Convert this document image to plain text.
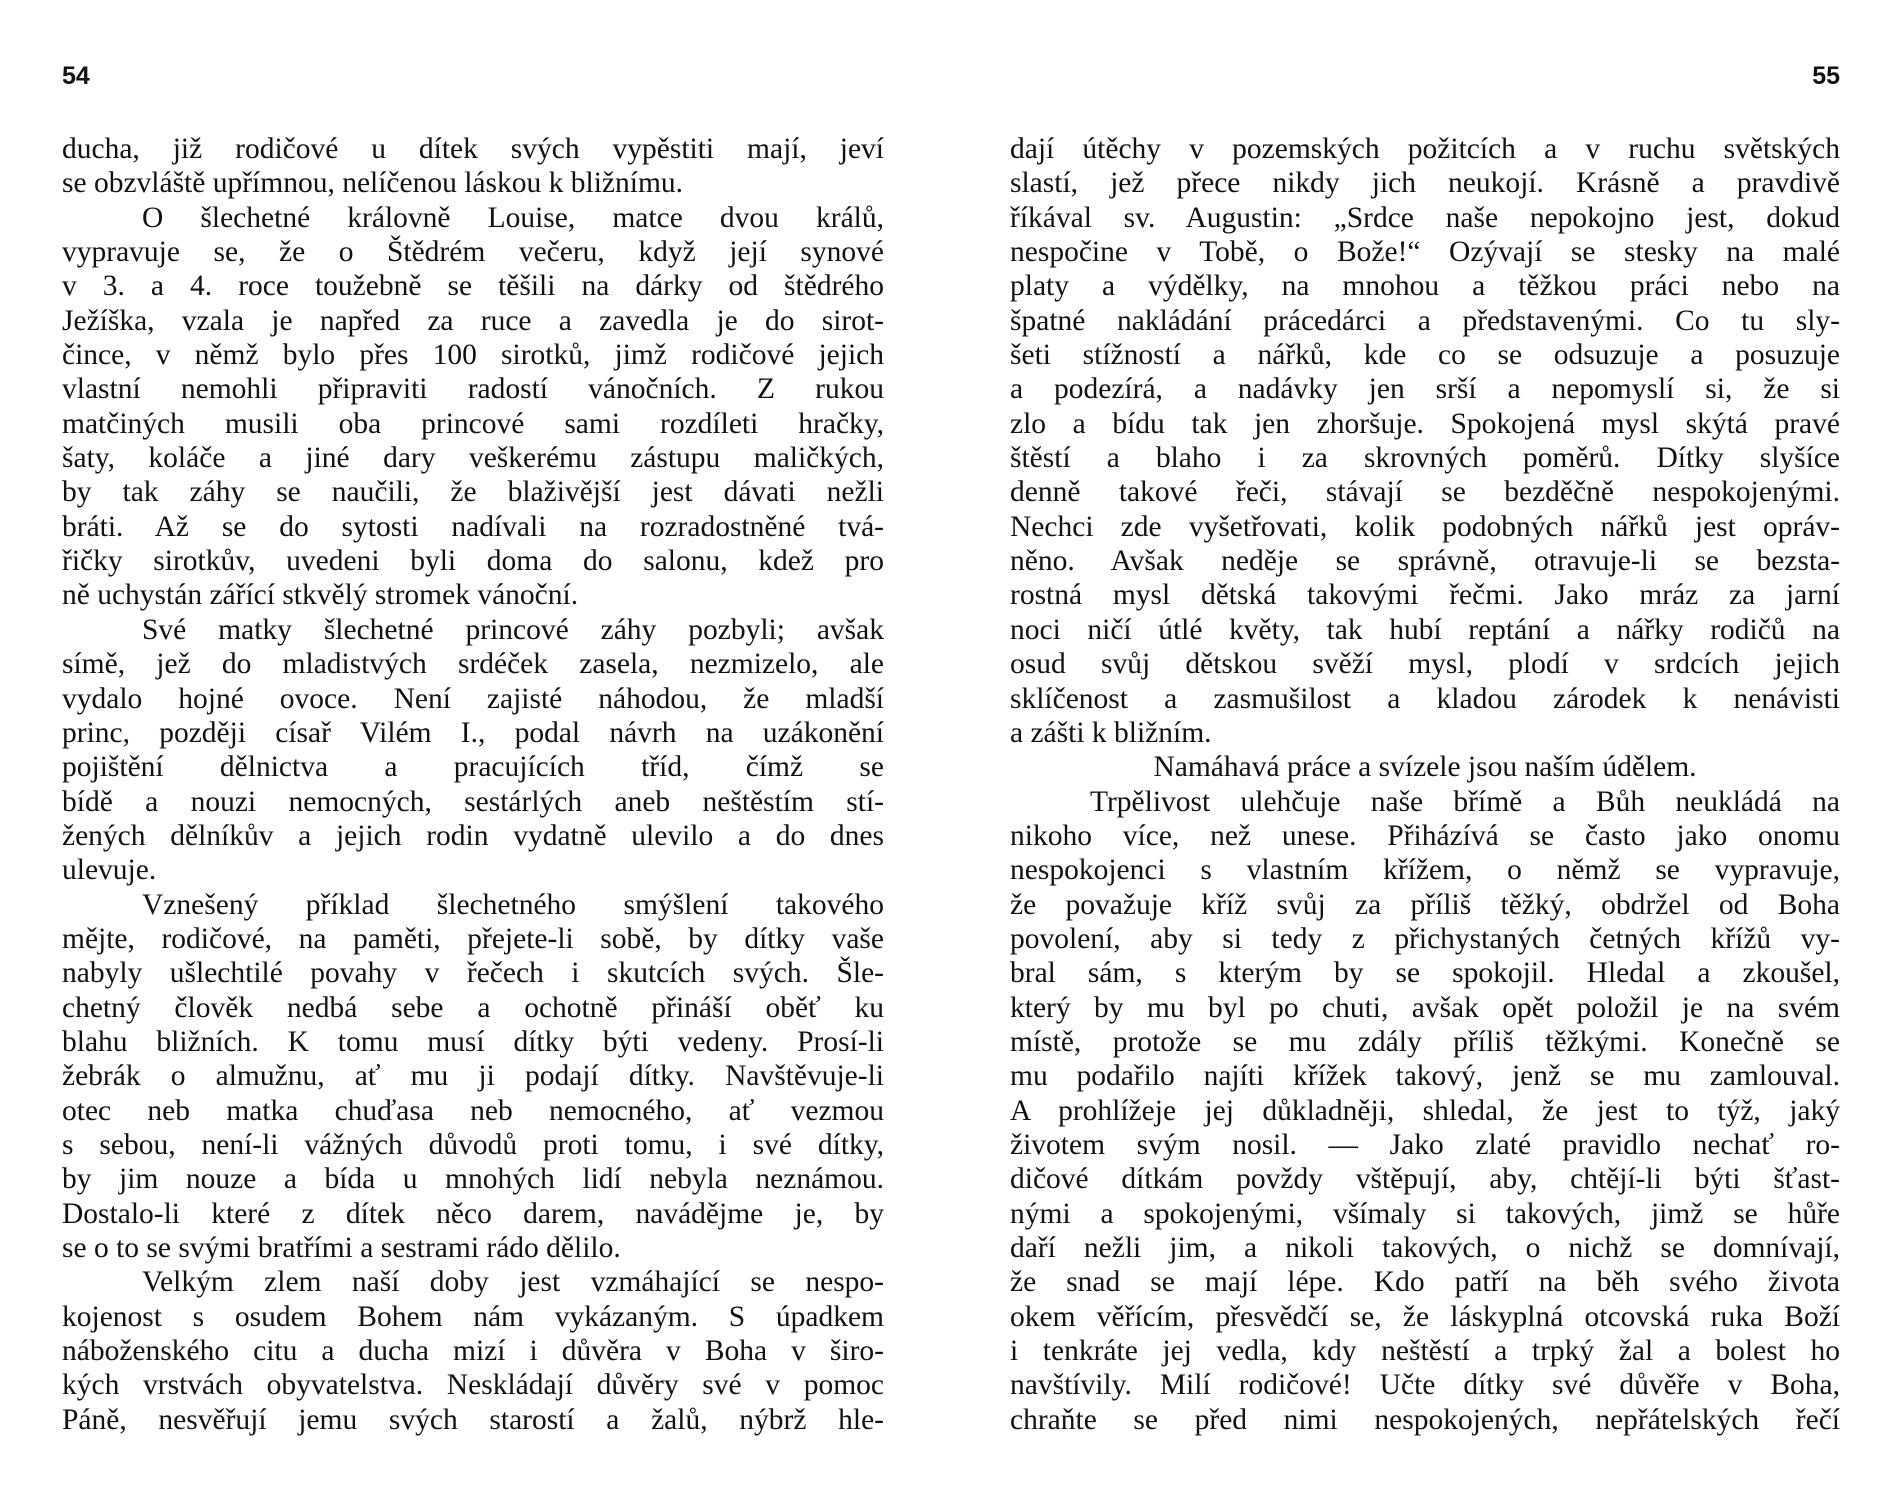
54
ducha, již rodičové u dítek svých vypěstiti mají, jeví
se obzvláště upřímnou, nelíčenou láskou k bližnímu.
O šlechetné královně Louise, matce dvou králů,
vypravuje se, že o Štědrém večeru, když její synové
v 3. a 4. roce toužebně se těšili na dárky od štědrého
Ježíška, vzala je napřed za ruce a zavedla je do sirot-
čince, v němž bylo přes 100 sirotků, jimž rodičové jejich
vlastní nemohli připraviti radostí vánočních. Z rukou
matčiných musili oba princové sami rozdíleti hračky,
šaty, koláče a jiné dary veškerému zástupu maličkých,
by tak záhy se naučili, že blaživější jest dávati nežli
bráti. Až se do sytosti nadívali na rozradostněné tvá-
řičky sirotkův, uvedeni byli doma do salonu, kdež pro
ně uchystán zářící stkvělý stromek vánoční.
Své matky šlechetné princové záhy pozbyli; avšak
símě, jež do mladistvých srdéček zasela, nezmizelo, ale
vydalo hojné ovoce. Není zajisté náhodou, že mladší
princ, později císař Vilém I., podal návrh na uzákonění
pojištění dělnictva a pracujících tříd, čímž se
bídě a nouzi nemocných, sestárlých aneb neštěstím stí-
žených dělníkův a jejich rodin vydatně ulevilo a do dnes
ulevuje.
Vznešený příklad šlechetného smýšlení takového
mějte, rodičové, na paměti, přejete-li sobě, by dítky vaše
nabyly ušlechtilé povahy v řečech i skutcích svých. Šle-
chetný člověk nedbá sebe a ochotně přináší oběť ku
blahu bližních. K tomu musí dítky býti vedeny. Prosí-li
žebrák o almužnu, ať mu ji podají dítky. Navštěvuje-li
otec neb matka chuďasa neb nemocného, ať vezmou
s sebou, není-li vážných důvodů proti tomu, i své dítky,
by jim nouze a bída u mnohých lidí nebyla neznámou.
Dostalo-li které z dítek něco darem, navádějme je, by
se o to se svými bratřími a sestrami rádo dělilo.
Velkým zlem naší doby jest vzmáhající se nespo-
kojenost s osudem Bohem nám vykázaným. S úpadkem
náboženského citu a ducha mizí i důvěra v Boha v širo-
kých vrstvách obyvatelstva. Neskládají důvěry své v pomoc
Páně, nesvěřují jemu svých starostí a žalů, nýbrž hle-
55
dají útěchy v pozemských požitcích a v ruchu světských
slastí, jež přece nikdy jich neukojí. Krásně a pravdivě
říkával sv. Augustin: „Srdce naše nepokojno jest, dokud
nespočine v Tobě, o Bože!“ Ozývají se stesky na malé
platy a výdělky, na mnohou a těžkou práci nebo na
špatné nakládání prácedárci a představenými. Co tu sly-
šeti stížností a nářků, kde co se odsuzuje a posuzuje
a podezírá, a nadávky jen srší a nepomyslí si, že si
zlo a bídu tak jen zhoršuje. Spokojená mysl skýtá pravé
štěstí a blaho i za skrovných poměrů. Dítky slyšíce
denně takové řeči, stávají se bezděčně nespokojenými.
Nechci zde vyšetřovati, kolik podobných nářků jest opráv-
něno. Avšak neděje se správně, otravuje-li se bezsta-
rostná mysl dětská takovými řečmi. Jako mráz za jarní
noci ničí útlé květy, tak hubí reptání a nářky rodičů na
osud svůj dětskou svěží mysl, plodí v srdcích jejich
sklíčenost a zasmušilost a kladou zárodek k nenávisti
a zášti k bližním.
Namáhavá práce a svízele jsou naším údělem.
Trpělivost ulehčuje naše břímě a Bůh neukládá na
nikoho více, než unese. Přiházívá se často jako onomu
nespokojenci s vlastním křížem, o němž se vypravuje,
že považuje kříž svůj za příliš těžký, obdržel od Boha
povolení, aby si tedy z přichystaných četných křížů vy-
bral sám, s kterým by se spokojil. Hledal a zkoušel,
který by mu byl po chuti, avšak opět položil je na svém
místě, protože se mu zdály příliš těžkými. Konečně se
mu podařilo najíti křížek takový, jenž se mu zamlouval.
A prohlížeje jej důkladněji, shledal, že jest to týž, jaký
životem svým nosil. — Jako zlaté pravidlo nechať ro-
dičové dítkám povždy vštěpují, aby, chtějí-li býti šťast-
nými a spokojenými, všímaly si takových, jimž se hůře
daří nežli jim, a nikoli takových, o nichž se domnívají,
že snad se mají lépe. Kdo patří na běh svého života
okem věřícím, přesvědčí se, že láskyplná otcovská ruka Boží
i tenkráte jej vedla, kdy neštěstí a trpký žal a bolest ho
navštívily. Milí rodičové! Učte dítky své důvěře v Boha,
chraňte se před nimi nespokojených, nepřátelských řečí
